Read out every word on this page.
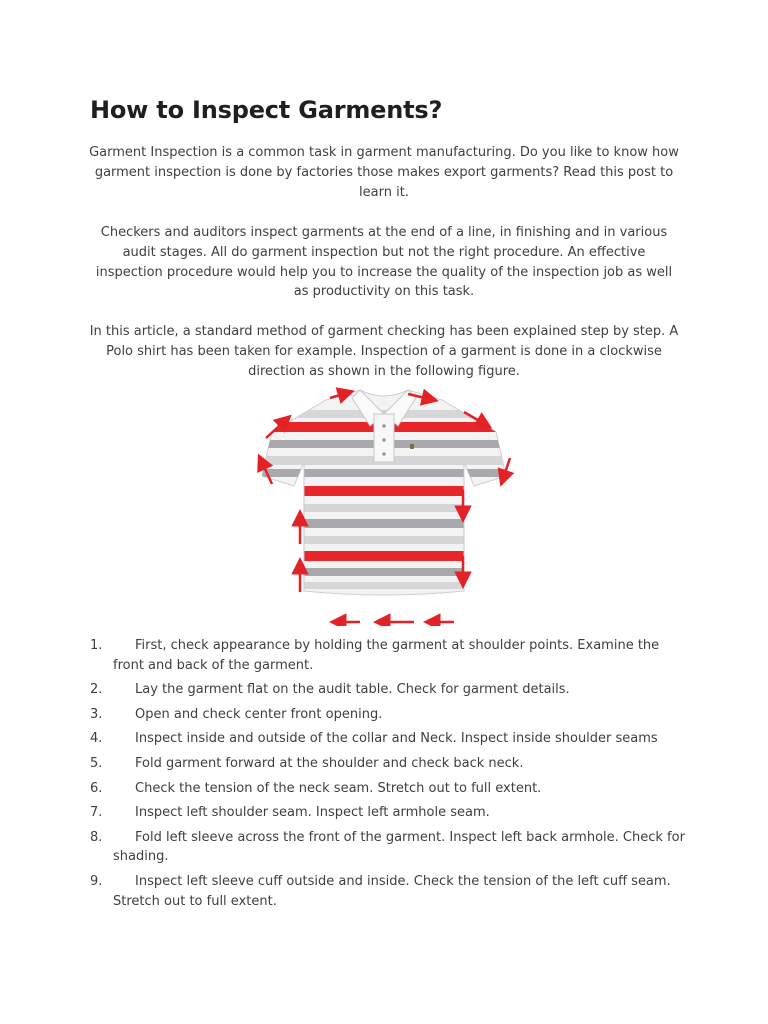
How to Inspect Garments?

Garment Inspection is a common task in garment manufacturing. Do you like to know how garment inspection is done by factories those makes export garments? Read this post to learn it.

Checkers and auditors inspect garments at the end of a line, in finishing and in various audit stages. All do garment inspection but not the right procedure. An effective inspection procedure would help you to increase the quality of the inspection job as well as productivity on this task.

In this article, a standard method of garment checking has been explained step by step. A Polo shirt has been taken for example. Inspection of a garment is done in a clockwise direction as shown in the following figure.

1.	First, check appearance by holding the garment at shoulder points. Examine the front and back of the garment.
2.	Lay the garment flat on the audit table. Check for garment details.
3.	Open and check center front opening.
4.	Inspect inside and outside of the collar and Neck. Inspect inside shoulder seams
5.	Fold garment forward at the shoulder and check back neck.
6.	Check the tension of the neck seam. Stretch out to full extent.
7.	Inspect left shoulder seam. Inspect left armhole seam.
8.	Fold left sleeve across the front of the garment. Inspect left back armhole. Check for shading.
9.	Inspect left sleeve cuff outside and inside. Check the tension of the left cuff seam. Stretch out to full extent.
